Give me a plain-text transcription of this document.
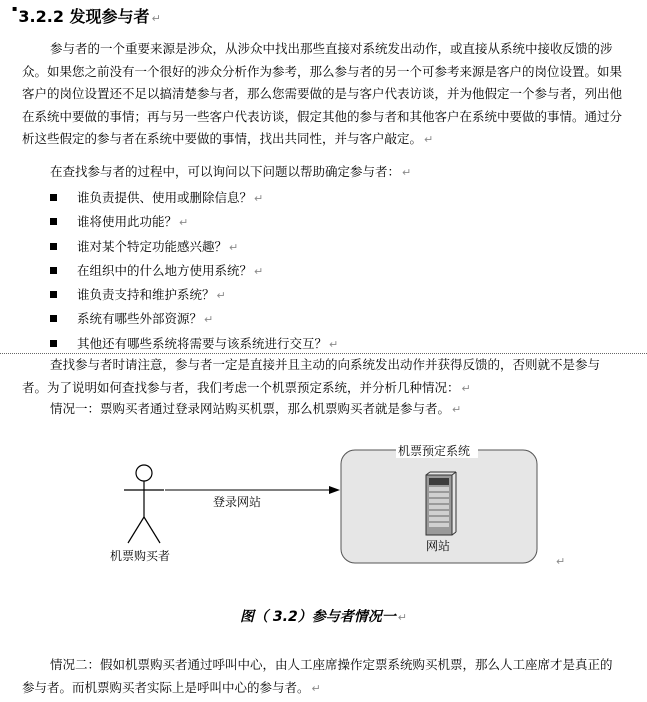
▪3.2.2 发现参与者 ↵

参与者的一个重要来源是涉众，从涉众中找出那些直接对系统发出动作，或直接从系统中接收反馈的涉众。如果您之前没有一个很好的涉众分析作为参考，那么参与者的另一个可参考来源是客户的岗位设置。如果客户的岗位设置还不足以搞清楚参与者，那么您需要做的是与客户代表访谈，并为他假定一个参与者，列出他在系统中要做的事情；再与另一些客户代表访谈，假定其他的参与者和其他客户在系统中要做的事情。通过分析这些假定的参与者在系统中要做的事情，找出共同性，并与客户敲定。 ↵

在查找参与者的过程中，可以询问以下问题以帮助确定参与者： ↵

谁负责提供、使用或删除信息？ ↵
谁将使用此功能？ ↵
谁对某个特定功能感兴趣？ ↵
在组织中的什么地方使用系统？ ↵
谁负责支持和维护系统？ ↵
系统有哪些外部资源？ ↵
其他还有哪些系统将需要与该系统进行交互？ ↵

查找参与者时请注意，参与者一定是直接并且主动的向系统发出动作并获得反馈的，否则就不是参与者。为了说明如何查找参与者，我们考虑一个机票预定系统，并分析几种情况： ↵

情况一：票购买者通过登录网站购买机票，那么机票购买者就是参与者。 ↵

机票购买者
登录网站
机票预定系统
网站
↵
图（ 3.2）参与者情况一 ↵

情况二：假如机票购买者通过呼叫中心，由人工座席操作定票系统购买机票，那么人工座席才是真正的参与者。而机票购买者实际上是呼叫中心的参与者。 ↵
